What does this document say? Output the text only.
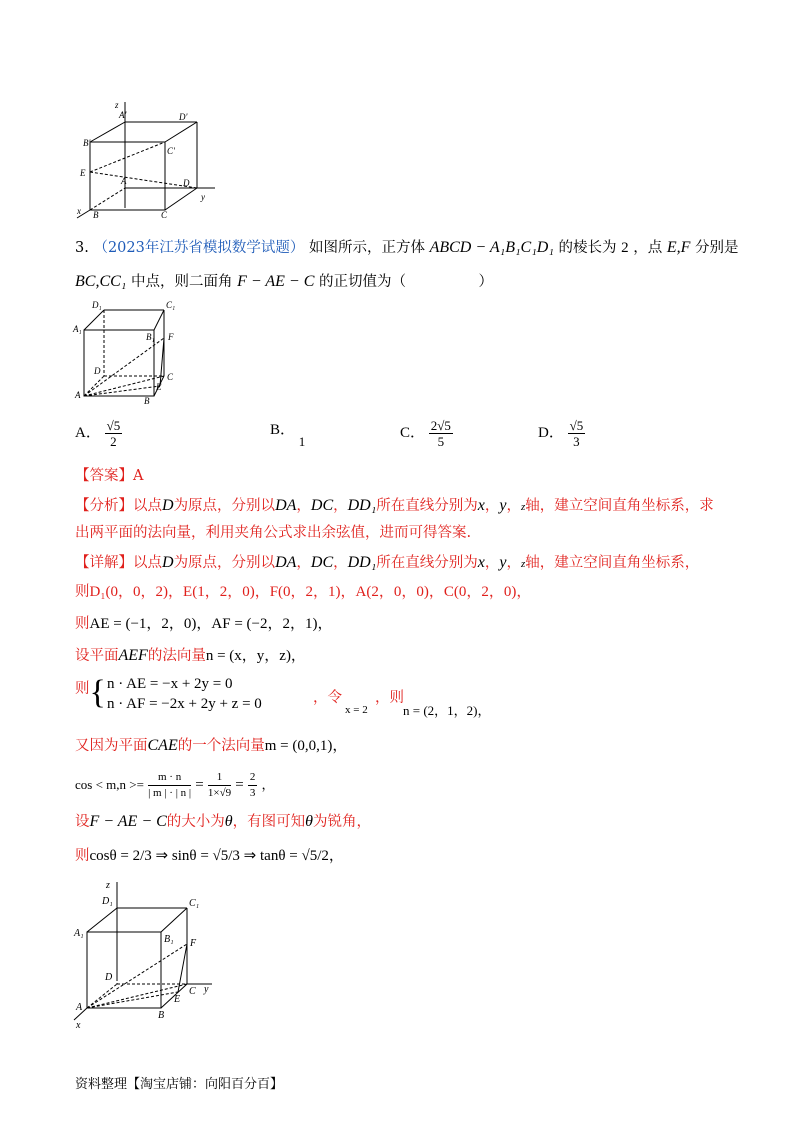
z
A'	D'
B'
C'
E
A	D
y
x B	C
3. （2023年江苏省模拟数学试题） 如图所示，正方体 ABCD − A₁B₁C₁D₁ 的棱长为 2 ，点 E,F 分别是
BC,CC₁ 中点，则二面角 F − AE − C 的正切值为（　　　　　）
D₁	C₁
A₁
B₁ F
D
C
E
A
B
A． $\frac{√5}{2}$	B． 1
C． $\frac{2√5}{5}$	D． $\frac{√5}{3}$
【答案】A
【分析】以点D为原点，分别以DA，DC，DD₁所在直线分别为x，y，z轴，建立空间直角坐标系，求
出两平面的法向量，利用夹角公式求出余弦值，进而可得答案.
【详解】以点D为原点，分别以DA，DC，DD₁所在直线分别为x，y，z轴，建立空间直角坐标系，
则D₁(0，0，2)，E(1，2，0)，F(0，2，1)，A(2，0，0)，C(0，2，0)，
则AE = (−1，2，0)，AF = (−2，2，1)，
设平面AEF的法向量n = (x，y，z)，
则{ n · AE = −x + 2y = 0
n · AF = −2x + 2y + z = 0	，令
x = 2
，则
n = (2，1，2)，
又因为平面CAE的一个法向量m = (0,0,1)，
$\cos < m,n >= \frac{m \cdot n}{| m | \cdot | n |} = \frac{1}{1\times√9} = \frac{2}{3}$ ，
设F − AE − C的大小为θ，有图可知θ为锐角，
则cosθ = 2/3 ⇒ sinθ = √5/3 ⇒ tanθ = √5/2，
z
D₁	C₁
A₁
B₁ F
D
y
A
E
C
B
x
资料整理【淘宝店铺：向阳百分百】
